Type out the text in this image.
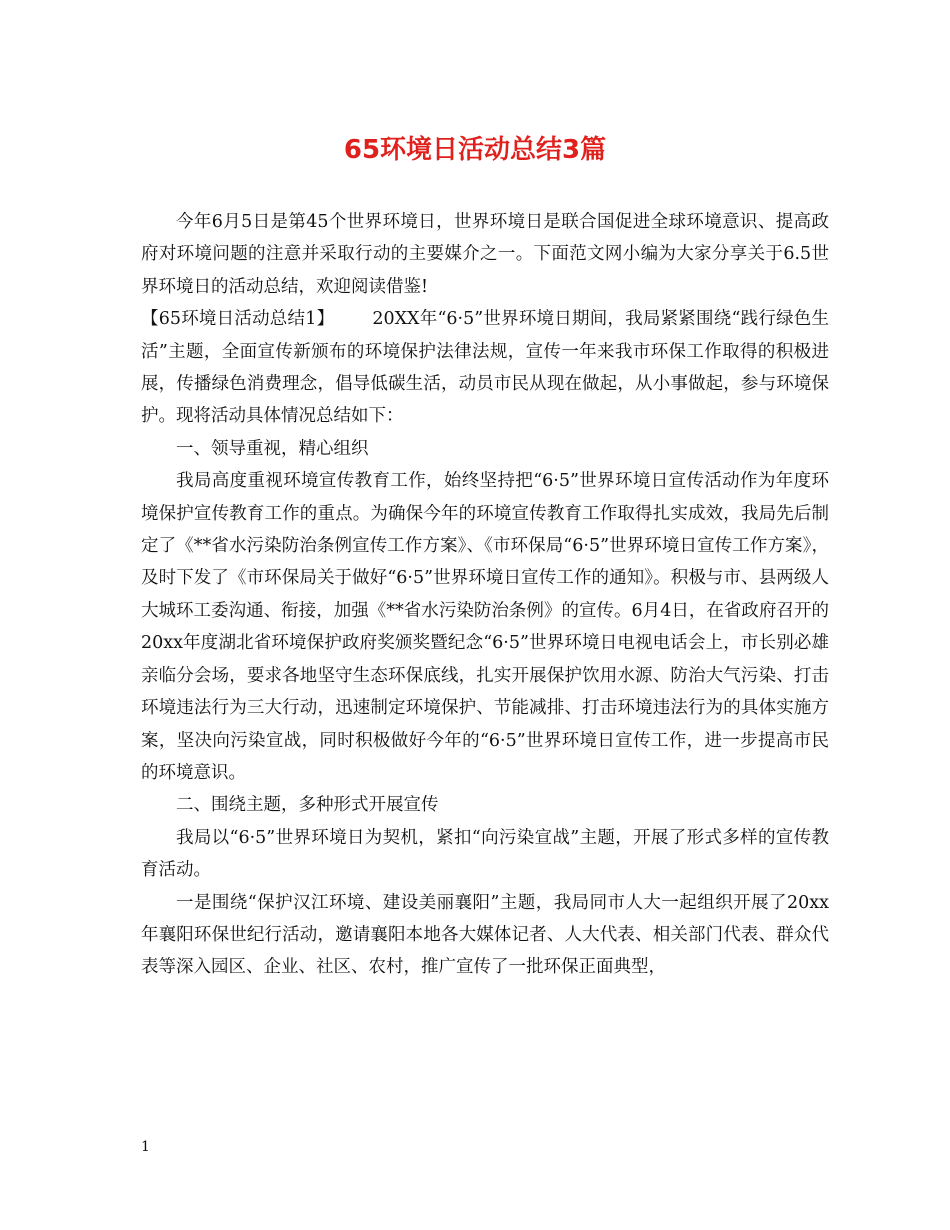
65环境日活动总结3篇

今年6月5日是第45个世界环境日，世界环境日是联合国促进全球环境意识、提高政府对环境问题的注意并采取行动的主要媒介之一。下面范文网小编为大家分享关于6.5世界环境日的活动总结，欢迎阅读借鉴!

【65环境日活动总结1】 20XX年“6·5”世界环境日期间，我局紧紧围绕“践行绿色生活”主题，全面宣传新颁布的环境保护法律法规，宣传一年来我市环保工作取得的积极进展，传播绿色消费理念，倡导低碳生活，动员市民从现在做起，从小事做起，参与环境保护。现将活动具体情况总结如下：

一、领导重视，精心组织

我局高度重视环境宣传教育工作，始终坚持把“6·5”世界环境日宣传活动作为年度环境保护宣传教育工作的重点。为确保今年的环境宣传教育工作取得扎实成效，我局先后制定了《**省水污染防治条例宣传工作方案》、《市环保局“6·5”世界环境日宣传工作方案》，及时下发了《市环保局关于做好“6·5”世界环境日宣传工作的通知》。积极与市、县两级人大城环工委沟通、衔接，加强《**省水污染防治条例》的宣传。6月4日，在省政府召开的20xx年度湖北省环境保护政府奖颁奖暨纪念“6·5”世界环境日电视电话会上，市长别必雄亲临分会场，要求各地坚守生态环保底线，扎实开展保护饮用水源、防治大气污染、打击环境违法行为三大行动，迅速制定环境保护、节能减排、打击环境违法行为的具体实施方案，坚决向污染宣战，同时积极做好今年的“6·5”世界环境日宣传工作，进一步提高市民的环境意识。

二、围绕主题，多种形式开展宣传

我局以“6·5”世界环境日为契机，紧扣“向污染宣战”主题，开展了形式多样的宣传教育活动。

一是围绕“保护汉江环境、建设美丽襄阳”主题，我局同市人大一起组织开展了20xx年襄阳环保世纪行活动，邀请襄阳本地各大媒体记者、人大代表、相关部门代表、群众代表等深入园区、企业、社区、农村，推广宣传了一批环保正面典型，

1
